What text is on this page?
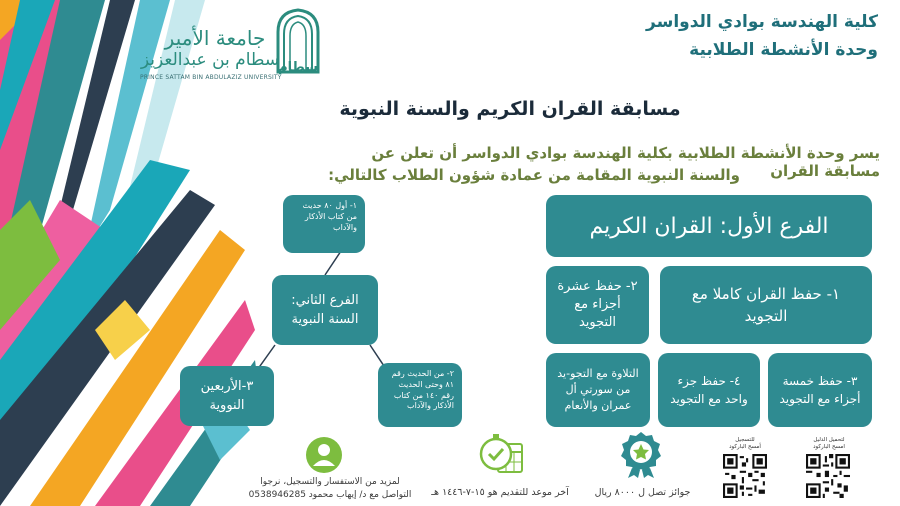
كلية الهندسة بوادي الدواسر
وحدة الأنشطة الطلابية
سطام
جامعة الأمير
سطام بن عبدالعزيز
PRINCE SATTAM BIN ABDULAZIZ UNIVERSITY
مسابقة القران الكريم والسنة النبوية
يسر وحدة الأنشطة الطلابية بكلية الهندسة بوادي الدواسر أن تعلن عن مسابقة القران
والسنة النبوية المقامة من عمادة شؤون الطلاب كالتالي:
الفرع الأول: القران الكريم
١- حفظ القران كاملا مع التجويد
٢- حفظ عشرة أجزاء مع التجويد
٣- حفظ خمسة أجزاء مع التجويد
٤- حفظ جزء واحد مع التجويد
التلاوة مع التجو-يد من سورتي أل عمران والأنعام
الفرع الثاني:
السنة النبوية
١- أول ٨٠ حديث من كتاب الأذكار والآداب
٢- من الحديث رقم ٨١ وحتى الحديث رقم ١٤٠ من كتاب الأذكار والآداب
٣-الأربعين
النووية
لمزيد من الاستفسار والتسجيل، نرجوا
التواصل مع د/ إيهاب محمود 0538946285	آخر موعد للتقديم هو ١٥-٧-١٤٤٦ هـ	جوائز تصل ل ٨٠٠٠ ريال
للتسجيل
أمسح الباركود
لتحميل الدليل
امسح الباركود
